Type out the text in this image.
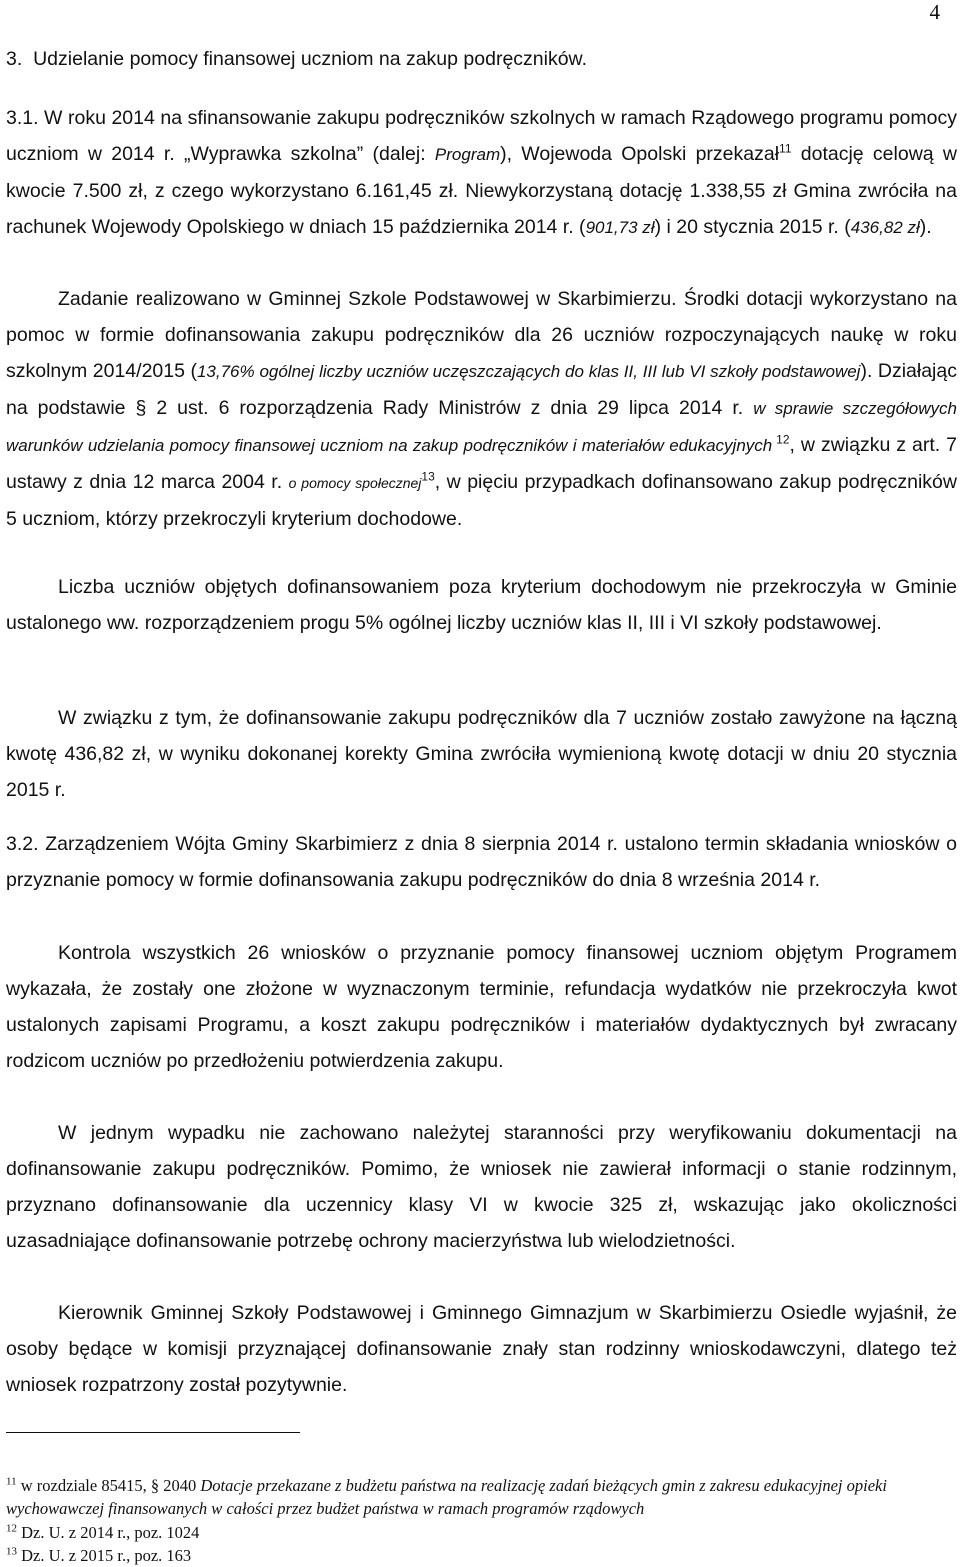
4
3.  Udzielanie pomocy finansowej uczniom na zakup podręczników.
3.1. W roku 2014 na sfinansowanie zakupu podręczników szkolnych w ramach Rządowego programu pomocy uczniom w 2014 r. „Wyprawka szkolna” (dalej: Program), Wojewoda Opolski przekazał$^{11}$ dotację celową w kwocie 7.500 zł, z czego wykorzystano 6.161,45 zł. Niewykorzystaną dotację 1.338,55 zł Gmina zwróciła na rachunek Wojewody Opolskiego w dniach 15 października 2014 r. (901,73 zł) i 20 stycznia 2015 r. (436,82 zł).
Zadanie realizowano w Gminnej Szkole Podstawowej w Skarbimierzu. Środki dotacji wykorzystano na pomoc w formie dofinansowania zakupu podręczników dla 26 uczniów rozpoczynających naukę w roku szkolnym 2014/2015 (13,76% ogólnej liczby uczniów uczęszczających do klas II, III lub VI szkoły podstawowej). Działając na podstawie § 2 ust. 6 rozporządzenia Rady Ministrów z dnia 29 lipca 2014 r. w sprawie szczegółowych warunków udzielania pomocy finansowej uczniom na zakup podręczników i materiałów edukacyjnych $^{12}$, w związku z art. 7 ustawy z dnia 12 marca 2004 r. o pomocy społecznej$^{13}$, w pięciu przypadkach dofinansowano zakup podręczników 5 uczniom, którzy przekroczyli kryterium dochodowe.
Liczba uczniów objętych dofinansowaniem poza kryterium dochodowym nie przekroczyła w Gminie ustalonego ww. rozporządzeniem progu 5% ogólnej liczby uczniów klas II, III i VI szkoły podstawowej.
W związku z tym, że dofinansowanie zakupu podręczników dla 7 uczniów zostało zawyżone na łączną kwotę 436,82 zł, w wyniku dokonanej korekty Gmina zwróciła wymienioną kwotę dotacji w dniu 20 stycznia 2015 r.
3.2. Zarządzeniem Wójta Gminy Skarbimierz z dnia 8 sierpnia 2014 r. ustalono termin składania wniosków o przyznanie pomocy w formie dofinansowania zakupu podręczników do dnia 8 września 2014 r.
Kontrola wszystkich 26 wniosków o przyznanie pomocy finansowej uczniom objętym Programem wykazała, że zostały one złożone w wyznaczonym terminie, refundacja wydatków nie przekroczyła kwot ustalonych zapisami Programu, a koszt zakupu podręczników i materiałów dydaktycznych był zwracany rodzicom uczniów po przedłożeniu potwierdzenia zakupu.
W jednym wypadku nie zachowano należytej staranności przy weryfikowaniu dokumentacji na dofinansowanie zakupu podręczników. Pomimo, że wniosek nie zawierał informacji o stanie rodzinnym, przyznano dofinansowanie dla uczennicy klasy VI w kwocie 325 zł, wskazując jako okoliczności uzasadniające dofinansowanie potrzebę ochrony macierzyństwa lub wielodzietności.
Kierownik Gminnej Szkoły Podstawowej i Gminnego Gimnazjum w Skarbimierzu Osiedle wyjaśnił, że osoby będące w komisji przyznającej dofinansowanie znały stan rodzinny wnioskodawczyni, dlatego też wniosek rozpatrzony został pozytywnie.
$^{11}$ w rozdziale 85415, § 2040 Dotacje przekazane z budżetu państwa na realizację zadań bieżących gmin z zakresu edukacyjnej opieki wychowawczej finansowanych w całości przez budżet państwa w ramach programów rządowych
$^{12}$ Dz. U. z 2014 r., poz. 1024
$^{13}$ Dz. U. z 2015 r., poz. 163
